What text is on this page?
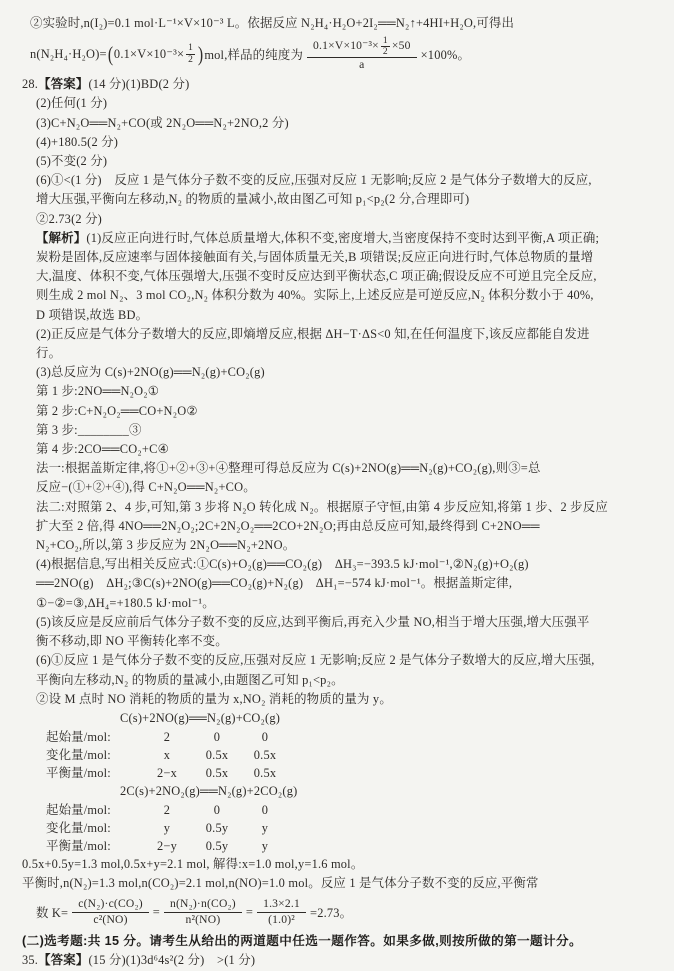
②实验时,n(I₂)=0.1 mol·L⁻¹×V×10⁻³ L。依据反应 N₂H₄·H₂O+2I₂══N₂↑+4HI+H₂O,可得出
n(N₂H₄·H₂O)= ( $0.1\times V\times 10^{-3}\times \frac{1}{2}$ ) mol,样品的纯度为 $\frac{0.1\times V\times 10^{-3}\times \frac{1}{2} \times 50}{a} \times 100\%$。
28.【答案】(14 分)(1)BD(2 分)
(2)任何(1 分)
(3)C+N₂O══N₂+CO(或 2N₂O══N₂+2NO,2 分)
(4)+180.5(2 分)
(5)不变(2 分)
(6)①<(1 分)　反应 1 是气体分子数不变的反应,压强对反应 1 无影响;反应 2 是气体分子数增大的反应,
增大压强,平衡向左移动,N₂ 的物质的量减小,故由图乙可知 p₁<p₂(2 分,合理即可)
②2.73(2 分)
【解析】(1)反应正向进行时,气体总质量增大,体积不变,密度增大,当密度保持不变时达到平衡,A 项正确;
炭粉是固体,反应速率与固体接触面有关,与固体质量无关,B 项错误;反应正向进行时,气体总物质的量增
大,温度、体积不变,气体压强增大,压强不变时反应达到平衡状态,C 项正确;假设反应不可逆且完全反应,
则生成 2 mol N₂、3 mol CO₂,N₂ 体积分数为 40%。实际上,上述反应是可逆反应,N₂ 体积分数小于 40%,
D 项错误,故选 BD。
(2)正反应是气体分子数增大的反应,即熵增反应,根据 ΔH−T·ΔS<0 知,在任何温度下,该反应都能自发进
行。
(3)总反应为 C(s)+2NO(g)══N₂(g)+CO₂(g)
第 1 步:2NO══N₂O₂①
第 2 步:C+N₂O₂══CO+N₂O②
第 3 步:________③
第 4 步:2CO══CO₂+C④
法一:根据盖斯定律,将①+②+③+④整理可得总反应为 C(s)+2NO(g)══N₂(g)+CO₂(g),则③=总
反应−(①+②+④),得 C+N₂O══N₂+CO。
法二:对照第 2、4 步,可知,第 3 步将 N₂O 转化成 N₂。根据原子守恒,由第 4 步反应知,将第 1 步、2 步反应
扩大至 2 倍,得 4NO══2N₂O₂;2C+2N₂O₂══2CO+2N₂O;再由总反应可知,最终得到 C+2NO══
N₂+CO₂,所以,第 3 步反应为 2N₂O══N₂+2NO。
(4)根据信息,写出相关反应式:①C(s)+O₂(g)══CO₂(g)　ΔH₃=−393.5 kJ·mol⁻¹,②N₂(g)+O₂(g)
══2NO(g)　ΔH₂;③C(s)+2NO(g)══CO₂(g)+N₂(g)　ΔH₁=−574 kJ·mol⁻¹。根据盖斯定律,
①−②=③,ΔH₄=+180.5 kJ·mol⁻¹。
(5)该反应是反应前后气体分子数不变的反应,达到平衡后,再充入少量 NO,相当于增大压强,增大压强平
衡不移动,即 NO 平衡转化率不变。
(6)①反应 1 是气体分子数不变的反应,压强对反应 1 无影响;反应 2 是气体分子数增大的反应,增大压强,
平衡向左移动,N₂ 的物质的量减小,由题图乙可知 p₁<p₂。
②设 M 点时 NO 消耗的物质的量为 x,NO₂ 消耗的物质的量为 y。
C(s)+2NO(g)══N₂(g)+CO₂(g)
起始量/mol:	2	0	0
变化量/mol:	x	0.5x	0.5x
平衡量/mol:	2−x	0.5x	0.5x
2C(s)+2NO₂(g)══N₂(g)+2CO₂(g)
起始量/mol:	2	0	0
变化量/mol:	y	0.5y	y
平衡量/mol:	2−y	0.5y	y
0.5x+0.5y=1.3 mol,0.5x+y=2.1 mol, 解得:x=1.0 mol,y=1.6 mol。
平衡时,n(N₂)=1.3 mol,n(CO₂)=2.1 mol,n(NO)=1.0 mol。反应 1 是气体分子数不变的反应,平衡常
数 $K= \frac{\text{c(N₂)·c(CO₂)}}{\text{c²(NO)}} = \frac{\text{n(N₂)·n(CO₂)}}{\text{n²(NO)}} = \frac{1.3\times 2.1}{\text{(1.0)²}} =2.73$。
(二)选考题:共 15 分。请考生从给出的两道题中任选一题作答。如果多做,则按所做的第一题计分。
35.【答案】(15 分)(1)3d⁶4s²(2 分)　>(1 分)
